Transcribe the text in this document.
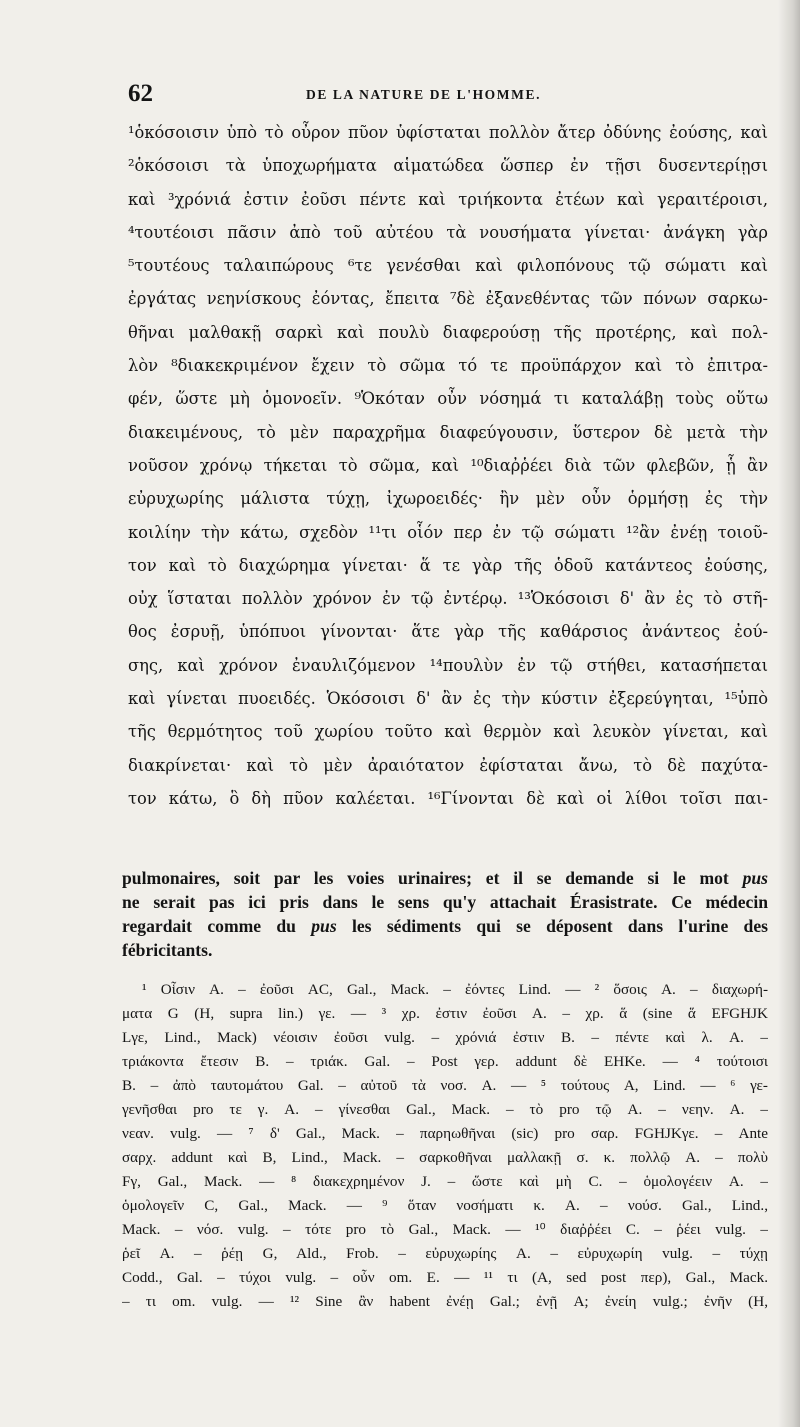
62	DE LA NATURE DE L'HOMME.
¹ὁκόσοισιν ὑπὸ τὸ οὖρον πῦον ὑφίσταται πολλὸν ἄτερ ὀδύνης ἐούσης, καὶ
²ὁκόσοισι τὰ ὑποχωρήματα αἱματώδεα ὥσπερ ἐν τῇσι δυσεντερίῃσι
καὶ ³χρόνιά ἐστιν ἐοῦσι πέντε καὶ τριήκοντα ἐτέων καὶ γεραιτέροισι,
⁴τουτέοισι πᾶσιν ἀπὸ τοῦ αὐτέου τὰ νουσήματα γίνεται· ἀνάγκη γὰρ
⁵τουτέους ταλαιπώρους ⁶τε γενέσθαι καὶ φιλοπόνους τῷ σώματι καὶ
ἐργάτας νεηνίσκους ἐόντας, ἔπειτα ⁷δὲ ἐξανεθέντας τῶν πόνων σαρκω-
θῆναι μαλθακῇ σαρκὶ καὶ πουλὺ διαφερούσῃ τῆς προτέρης, καὶ πολ-
λὸν ⁸διακεκριμένον ἔχειν τὸ σῶμα τό τε προϋπάρχον καὶ τὸ ἐπιτρα-
φέν, ὥστε μὴ ὁμονοεῖν. ⁹Ὁκόταν οὖν νόσημά τι καταλάβῃ τοὺς οὕτω
διακειμένους, τὸ μὲν παραχρῆμα διαφεύγουσιν, ὕστερον δὲ μετὰ τὴν
νοῦσον χρόνῳ τήκεται τὸ σῶμα, καὶ ¹⁰διαῤῥέει διὰ τῶν φλεβῶν, ᾗ ἂν
εὐρυχωρίης μάλιστα τύχῃ, ἰχωροειδές· ἢν μὲν οὖν ὁρμήσῃ ἐς τὴν
κοιλίην τὴν κάτω, σχεδὸν ¹¹τι οἷόν περ ἐν τῷ σώματι ¹²ἂν ἐνέῃ τοιοῦ-
τον καὶ τὸ διαχώρημα γίνεται· ἅ τε γὰρ τῆς ὁδοῦ κατάντεος ἐούσης,
οὐχ ἵσταται πολλὸν χρόνον ἐν τῷ ἐντέρῳ. ¹³Ὁκόσοισι δ' ἂν ἐς τὸ στῆ-
θος ἐσρυῇ, ὑπόπυοι γίνονται· ἅτε γὰρ τῆς καθάρσιος ἀνάντεος ἐού-
σης, καὶ χρόνον ἐναυλιζόμενον ¹⁴πουλὺν ἐν τῷ στήθει, κατασήπεται
καὶ γίνεται πυοειδές. Ὁκόσοισι δ' ἂν ἐς τὴν κύστιν ἐξερεύγηται, ¹⁵ὑπὸ
τῆς θερμότητος τοῦ χωρίου τοῦτο καὶ θερμὸν καὶ λευκὸν γίνεται, καὶ
διακρίνεται· καὶ τὸ μὲν ἀραιότατον ἐφίσταται ἄνω, τὸ δὲ παχύτα-
τον κάτω, ὃ δὴ πῦον καλέεται. ¹⁶Γίνονται δὲ καὶ οἱ λίθοι τοῖσι παι-
pulmonaires, soit par les voies urinaires; et il se demande si le mot pus
ne serait pas ici pris dans le sens qu'y attachait Érasistrate. Ce médecin
regardait comme du pus les sédiments qui se déposent dans l'urine des
fébricitants.
¹ Οἷσιν A. – ἐοῦσι AC, Gal., Mack. – ἐόντες Lind. — ² ὅσοις A. – διαχωρή-
ματα G (H, supra lin.) γε. — ³ χρ. ἐστιν ἐοῦσι A. – χρ. ἅ (sine ἅ EFGHJK
Lγε, Lind., Mack) νέοισιν ἐοῦσι vulg. – χρόνιά ἐστιν B. – πέντε καὶ λ. A. –
τριάκοντα ἔτεσιν B. – τριάκ. Gal. – Post γερ. addunt δὲ EHKe. — ⁴ τούτοισι
B. – ἀπὸ ταυτομάτου Gal. – αὐτοῦ τὰ νοσ. A. — ⁵ τούτους A, Lind. — ⁶ γε-
γενῆσθαι pro τε γ. A. – γίνεσθαι Gal., Mack. – τὸ pro τῷ A. – νεην. A. –
νεαν. vulg. — ⁷ δ' Gal., Mack. – παρηωθῆναι (sic) pro σαρ. FGHJKγε. – Ante
σαρχ. addunt καὶ B, Lind., Mack. – σαρκοθῆναι μαλλακῇ σ. κ. πολλῷ A. – πολὺ
Fγ, Gal., Mack. — ⁸ διακεχρημένον J. – ὥστε καὶ μὴ C. – ὁμολογέειν A. –
ὁμολογεῖν C, Gal., Mack. — ⁹ ὅταν νοσήματι κ. A. – νούσ. Gal., Lind.,
Mack. – νόσ. vulg. – τότε pro τὸ Gal., Mack. — ¹⁰ διαῤῥέει C. – ῥέει vulg. –
ῥεῖ A. – ῥέῃ G, Ald., Frob. – εὐρυχωρίης A. – εὐρυχωρίη vulg. – τύχῃ
Codd., Gal. – τύχοι vulg. – οὖν om. E. — ¹¹ τι (A, sed post περ), Gal., Mack.
– τι om. vulg. — ¹² Sine ἂν habent ἐνέῃ Gal.; ἐνῇ A; ἐνείη vulg.; ἐνῆν (H,
